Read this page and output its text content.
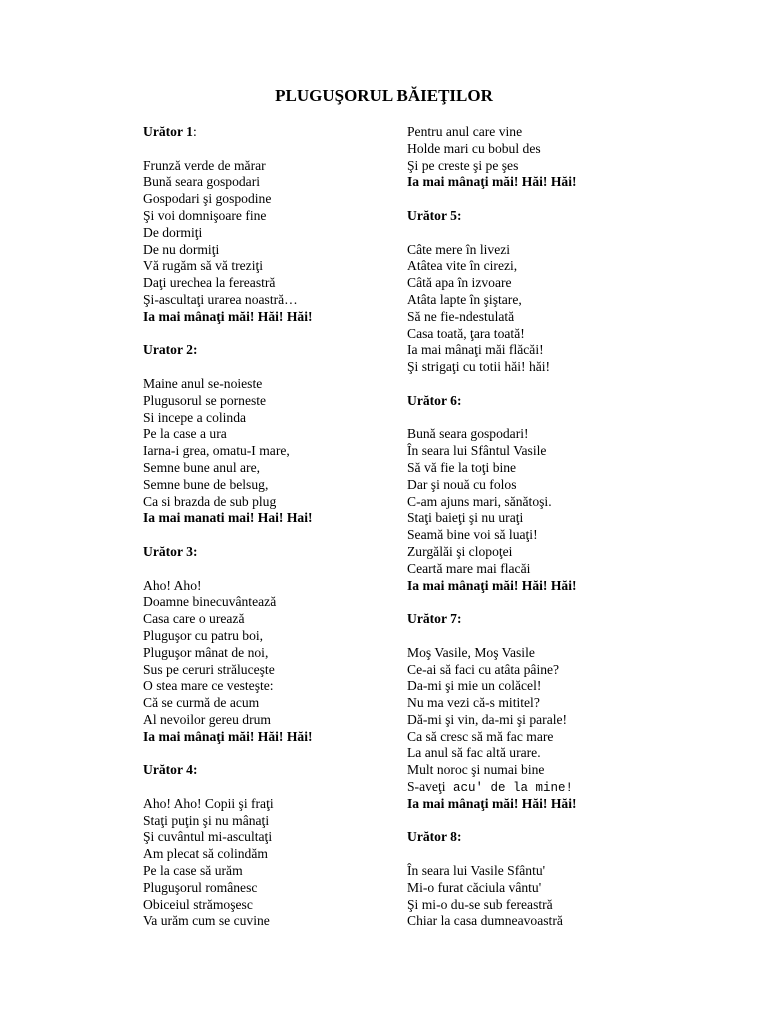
PLUGUŞORUL BĂIEŢILOR
Urător 1:
Frunză verde de mărar
Bună seara gospodari
Gospodari şi gospodine
Şi voi domnişoare fine
De dormiţi
De nu dormiţi
Vă rugăm să vă treziţi
Daţi urechea la fereastră
Şi-ascultaţi urarea noastră…
Ia mai mânaţi măi! Hăi! Hăi!
Urator 2:
Maine anul se-noieste
Plugusorul se porneste
Si incepe a colinda
Pe la case a ura
Iarna-i grea, omatu-I mare,
Semne bune anul are,
Semne bune de belsug,
Ca si brazda de sub plug
Ia mai manati mai! Hai! Hai!
Urător 3:
Aho! Aho!
Doamne binecuvântează
Casa care o urează
Pluguşor cu patru boi,
Pluguşor mânat de noi,
Sus pe ceruri străluceşte
O stea mare ce vesteşte:
Că se curmă de acum
Al nevoilor gereu drum
Ia mai mânaţi măi! Hăi! Hăi!
Urător 4:
Aho! Aho! Copii şi fraţi
Staţi puţin şi nu mânaţi
Şi cuvântul mi-ascultaţi
Am plecat să colindăm
Pe la case să urăm
Pluguşorul românesc
Obiceiul strămoşesc
Va urăm cum se cuvine
Pentru anul care vine
Holde mari cu bobul des
Şi pe creste şi pe şes
Ia mai mânaţi măi! Hăi! Hăi!
Urător 5:
Câte mere în livezi
Atâtea vite în cirezi,
Câtă apa în izvoare
Atâta lapte în şiştare,
Să ne fie-ndestulată
Casa toată, ţara toată!
Ia mai mânaţi măi flăcăi!
Şi strigaţi cu totii hăi! hăi!
Urător 6:
Bună seara gospodari!
În seara lui Sfântul Vasile
Să vă fie la toţi bine
Dar şi nouă cu folos
C-am ajuns mari, sănătoşi.
Staţi baieţi şi nu uraţi
Seamă bine voi să luaţi!
Zurgălăi şi clopoţei
Ceartă mare mai flacăi
Ia mai mânaţi măi! Hăi! Hăi!
Urător 7:
Moş Vasile, Moş Vasile
Ce-ai să faci cu atâta pâine?
Da-mi şi mie un colăcel!
Nu ma vezi că-s mititel?
Dă-mi şi vin, da-mi şi parale!
Ca să cresc să mă fac mare
La anul să fac altă urare.
Mult noroc şi numai bine
S-aveţi acu' de la mine!
Ia mai mânaţi măi! Hăi! Hăi!
Urător 8:
În seara lui Vasile Sfântu'
Mi-o furat căciula vântu'
Şi mi-o du-se sub fereastră
Chiar la casa dumneavoastră
